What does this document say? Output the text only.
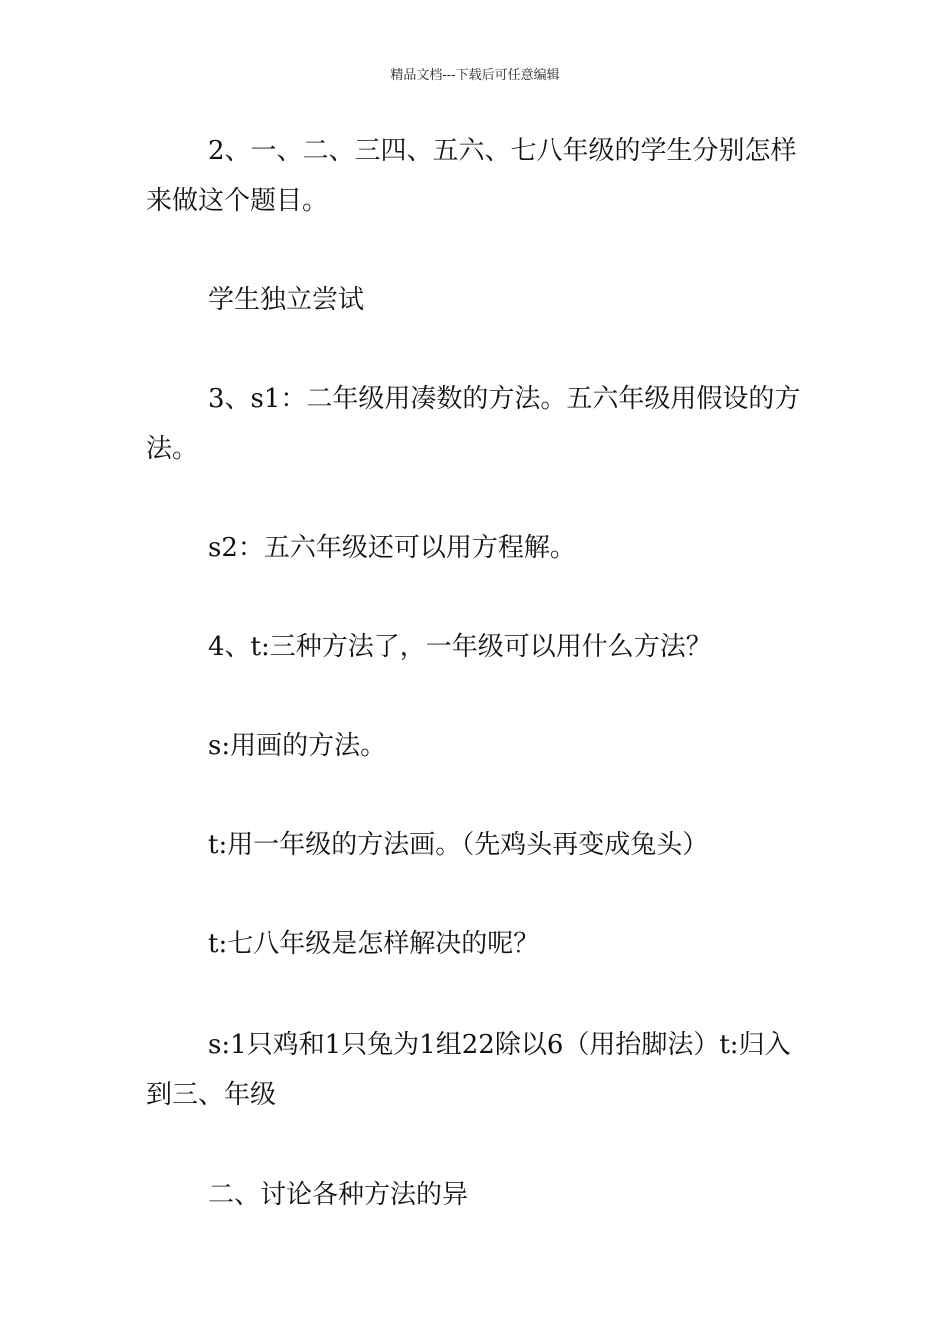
精品文档---下载后可任意编辑

2、一、二、三四、五六、七八年级的学生分别怎样来做这个题目。

学生独立尝试

3、s1：二年级用凑数的方法。五六年级用假设的方法。

s2：五六年级还可以用方程解。

4、t:三种方法了，一年级可以用什么方法？

s:用画的方法。

t:用一年级的方法画。（先鸡头再变成兔头）

t:七八年级是怎样解决的呢？

s:1只鸡和1只兔为1组22除以6（用抬脚法）t:归入到三、年级

二、讨论各种方法的异
